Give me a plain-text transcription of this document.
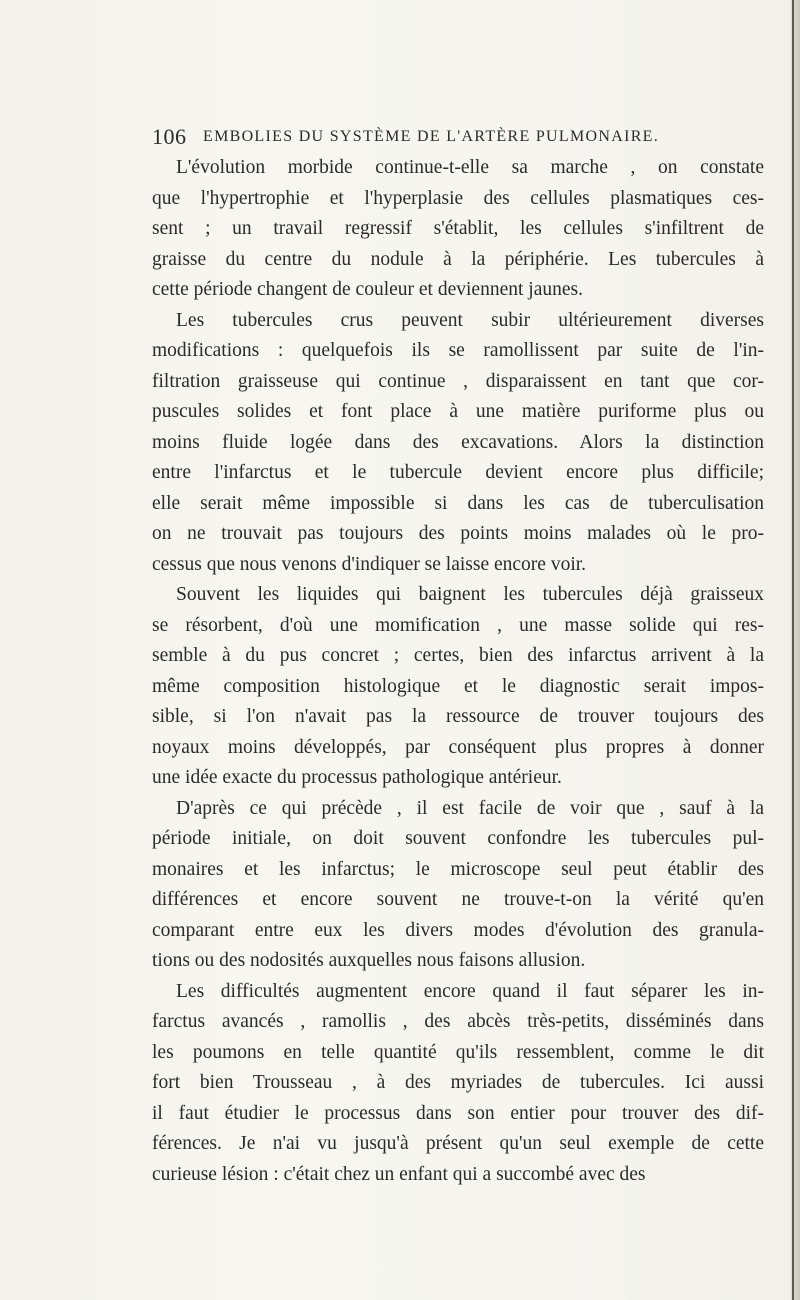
106 EMBOLIES DU SYSTÈME DE L'ARTÈRE PULMONAIRE.
L'évolution morbide continue-t-elle sa marche , on constate
que l'hypertrophie et l'hyperplasie des cellules plasmatiques ces-
sent ; un travail regressif s'établit, les cellules s'infiltrent de
graisse du centre du nodule à la périphérie. Les tubercules à
cette période changent de couleur et deviennent jaunes.
Les tubercules crus peuvent subir ultérieurement diverses
modifications : quelquefois ils se ramollissent par suite de l'in-
filtration graisseuse qui continue , disparaissent en tant que cor-
puscules solides et font place à une matière puriforme plus ou
moins fluide logée dans des excavations. Alors la distinction
entre l'infarctus et le tubercule devient encore plus difficile;
elle serait même impossible si dans les cas de tuberculisation
on ne trouvait pas toujours des points moins malades où le pro-
cessus que nous venons d'indiquer se laisse encore voir.
Souvent les liquides qui baignent les tubercules déjà graisseux
se résorbent, d'où une momification , une masse solide qui res-
semble à du pus concret ; certes, bien des infarctus arrivent à la
même composition histologique et le diagnostic serait impos-
sible, si l'on n'avait pas la ressource de trouver toujours des
noyaux moins développés, par conséquent plus propres à donner
une idée exacte du processus pathologique antérieur.
D'après ce qui précède , il est facile de voir que , sauf à la
période initiale, on doit souvent confondre les tubercules pul-
monaires et les infarctus; le microscope seul peut établir des
différences et encore souvent ne trouve-t-on la vérité qu'en
comparant entre eux les divers modes d'évolution des granula-
tions ou des nodosités auxquelles nous faisons allusion.
Les difficultés augmentent encore quand il faut séparer les in-
farctus avancés , ramollis , des abcès très-petits, disséminés dans
les poumons en telle quantité qu'ils ressemblent, comme le dit
fort bien Trousseau , à des myriades de tubercules. Ici aussi
il faut étudier le processus dans son entier pour trouver des dif-
férences. Je n'ai vu jusqu'à présent qu'un seul exemple de cette
curieuse lésion : c'était chez un enfant qui a succombé avec des
